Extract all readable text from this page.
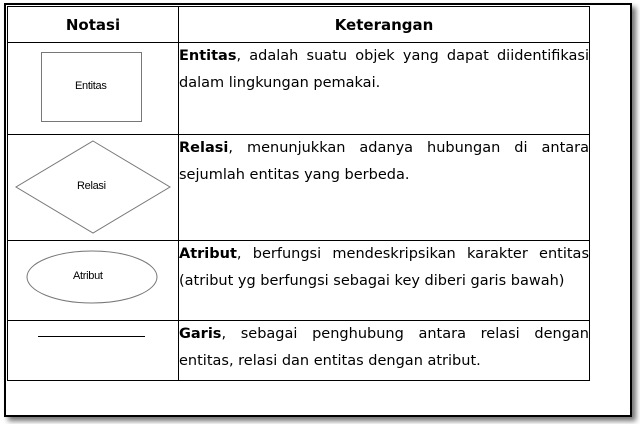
Notasi	Keterangan

Entitas	Entitas, adalah suatu objek yang dapat diidentifikasi dalam lingkungan pemakai.

Relasi	Relasi, menunjukkan adanya hubungan di antara sejumlah entitas yang berbeda.

Atribut	Atribut, berfungsi mendeskripsikan karakter entitas (atribut yg berfungsi sebagai key diberi garis bawah)

	Garis, sebagai penghubung antara relasi dengan entitas, relasi dan entitas dengan atribut.
